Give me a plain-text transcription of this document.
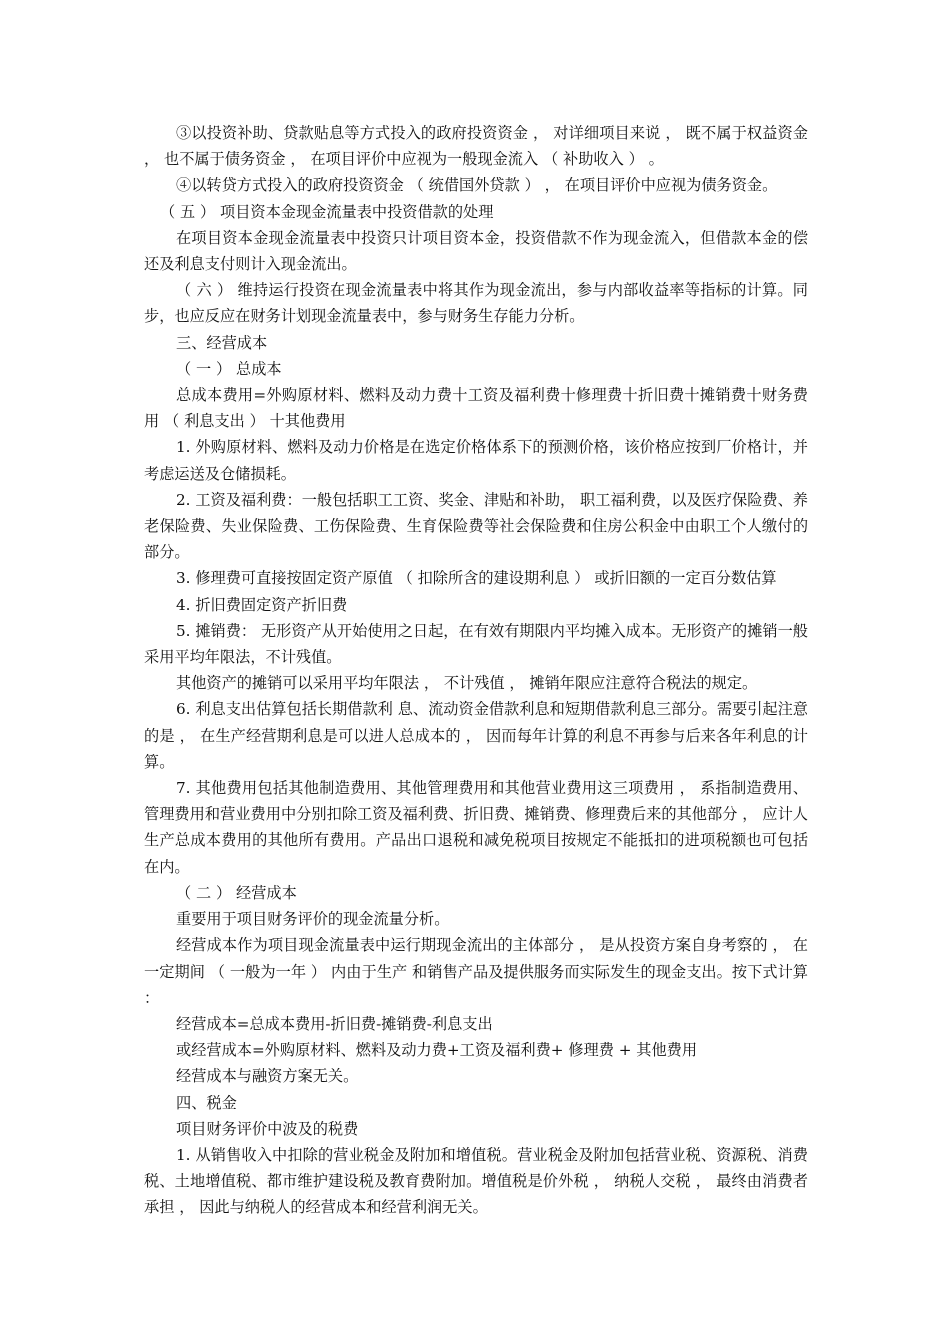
③以投资补助、贷款贴息等方式投入的政府投资资金 ， 对详细项目来说 ， 既不属于权益资金 ， 也不属于债务资金 ， 在项目评价中应视为一般现金流入 （ 补助收入 ） 。

④以转贷方式投入的政府投资资金 （ 统借国外贷款 ） ， 在项目评价中应视为债务资金。

（ 五 ） 项目资本金现金流量表中投资借款的处理

在项目资本金现金流量表中投资只计项目资本金，投资借款不作为现金流入，但借款本金的偿还及利息支付则计入现金流出。

（ 六 ） 维持运行投资在现金流量表中将其作为现金流出，参与内部收益率等指标的计算。同步，也应反应在财务计划现金流量表中，参与财务生存能力分析。

三、经营成本

（ 一 ） 总成本

总成本费用=外购原材料、燃料及动力费十工资及福利费十修理费十折旧费十摊销费十财务费用 （ 利息支出 ） 十其他费用

1. 外购原材料、燃料及动力价格是在选定价格体系下的预测价格，该价格应按到厂价格计，并考虑运送及仓储损耗。

2. 工资及福利费：一般包括职工工资、奖金、津贴和补助， 职工福利费，以及医疗保险费、养老保险费、失业保险费、工伤保险费、生育保险费等社会保险费和住房公积金中由职工个人缴付的部分。

3. 修理费可直接按固定资产原值 （ 扣除所含的建设期利息 ） 或折旧额的一定百分数估算

4. 折旧费固定资产折旧费

5. 摊销费： 无形资产从开始使用之日起，在有效有期限内平均摊入成本。无形资产的摊销一般采用平均年限法，不计残值。

其他资产的摊销可以采用平均年限法 ， 不计残值 ， 摊销年限应注意符合税法的规定。

6. 利息支出估算包括长期借款利 息、流动资金借款利息和短期借款利息三部分。需要引起注意的是 ， 在生产经营期利息是可以进人总成本的 ， 因而每年计算的利息不再参与后来各年利息的计算。

7. 其他费用包括其他制造费用、其他管理费用和其他营业费用这三项费用 ， 系指制造费用、管理费用和营业费用中分别扣除工资及福利费、折旧费、摊销费、修理费后来的其他部分 ， 应计人生产总成本费用的其他所有费用。产品出口退税和减免税项目按规定不能抵扣的进项税额也可包括在内。

（ 二 ） 经营成本

重要用于项目财务评价的现金流量分析。

经营成本作为项目现金流量表中运行期现金流出的主体部分 ， 是从投资方案自身考察的 ， 在一定期间 （ 一般为一年 ） 内由于生产 和销售产品及提供服务而实际发生的现金支出。按下式计算 ：

经营成本=总成本费用-折旧费-摊销费-利息支出

或经营成本=外购原材料、燃料及动力费+工资及福利费+ 修理费 + 其他费用

经营成本与融资方案无关。

四、税金

项目财务评价中波及的税费

1. 从销售收入中扣除的营业税金及附加和增值税。营业税金及附加包括营业税、资源税、消费税、土地增值税、都市维护建设税及教育费附加。增值税是价外税 ， 纳税人交税 ， 最终由消费者承担 ， 因此与纳税人的经营成本和经营利润无关。
